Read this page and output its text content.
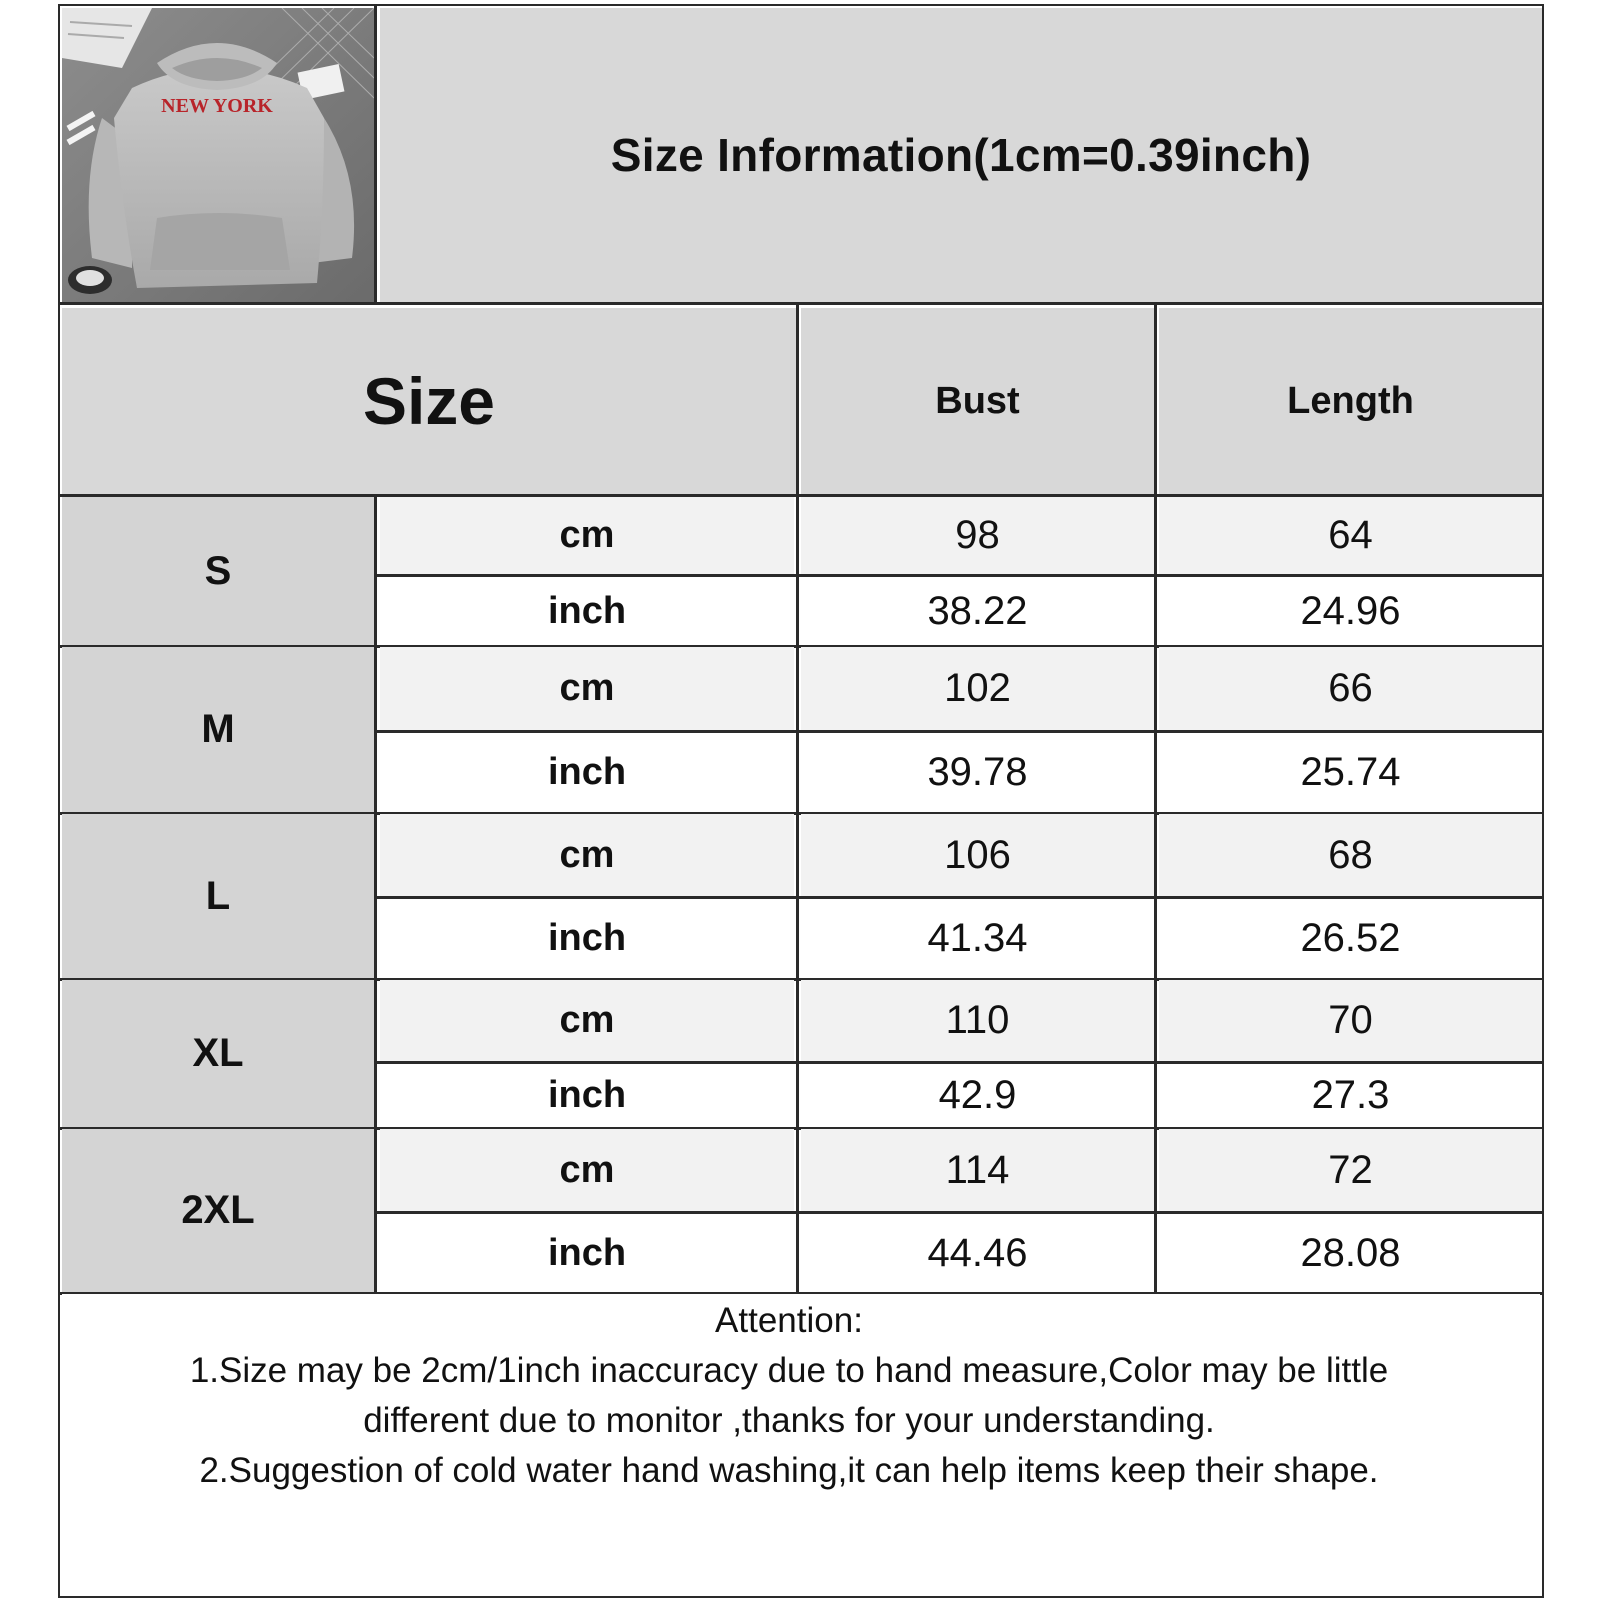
NEW YORK
Size Information(1cm=0.39inch)
Size	Bust	Length
S
cm	98	64
inch	38.22	24.96
M
cm	102	66
inch	39.78	25.74
L
cm	106	68
inch	41.34	26.52
XL
cm	110	70
inch	42.9	27.3
2XL
cm	114	72
inch	44.46	28.08
Attention:
1.Size may be 2cm/1inch inaccuracy due to hand measure,Color may be little
different due to monitor ,thanks for your understanding.
2.Suggestion of cold water hand washing,it can help items keep their shape.
